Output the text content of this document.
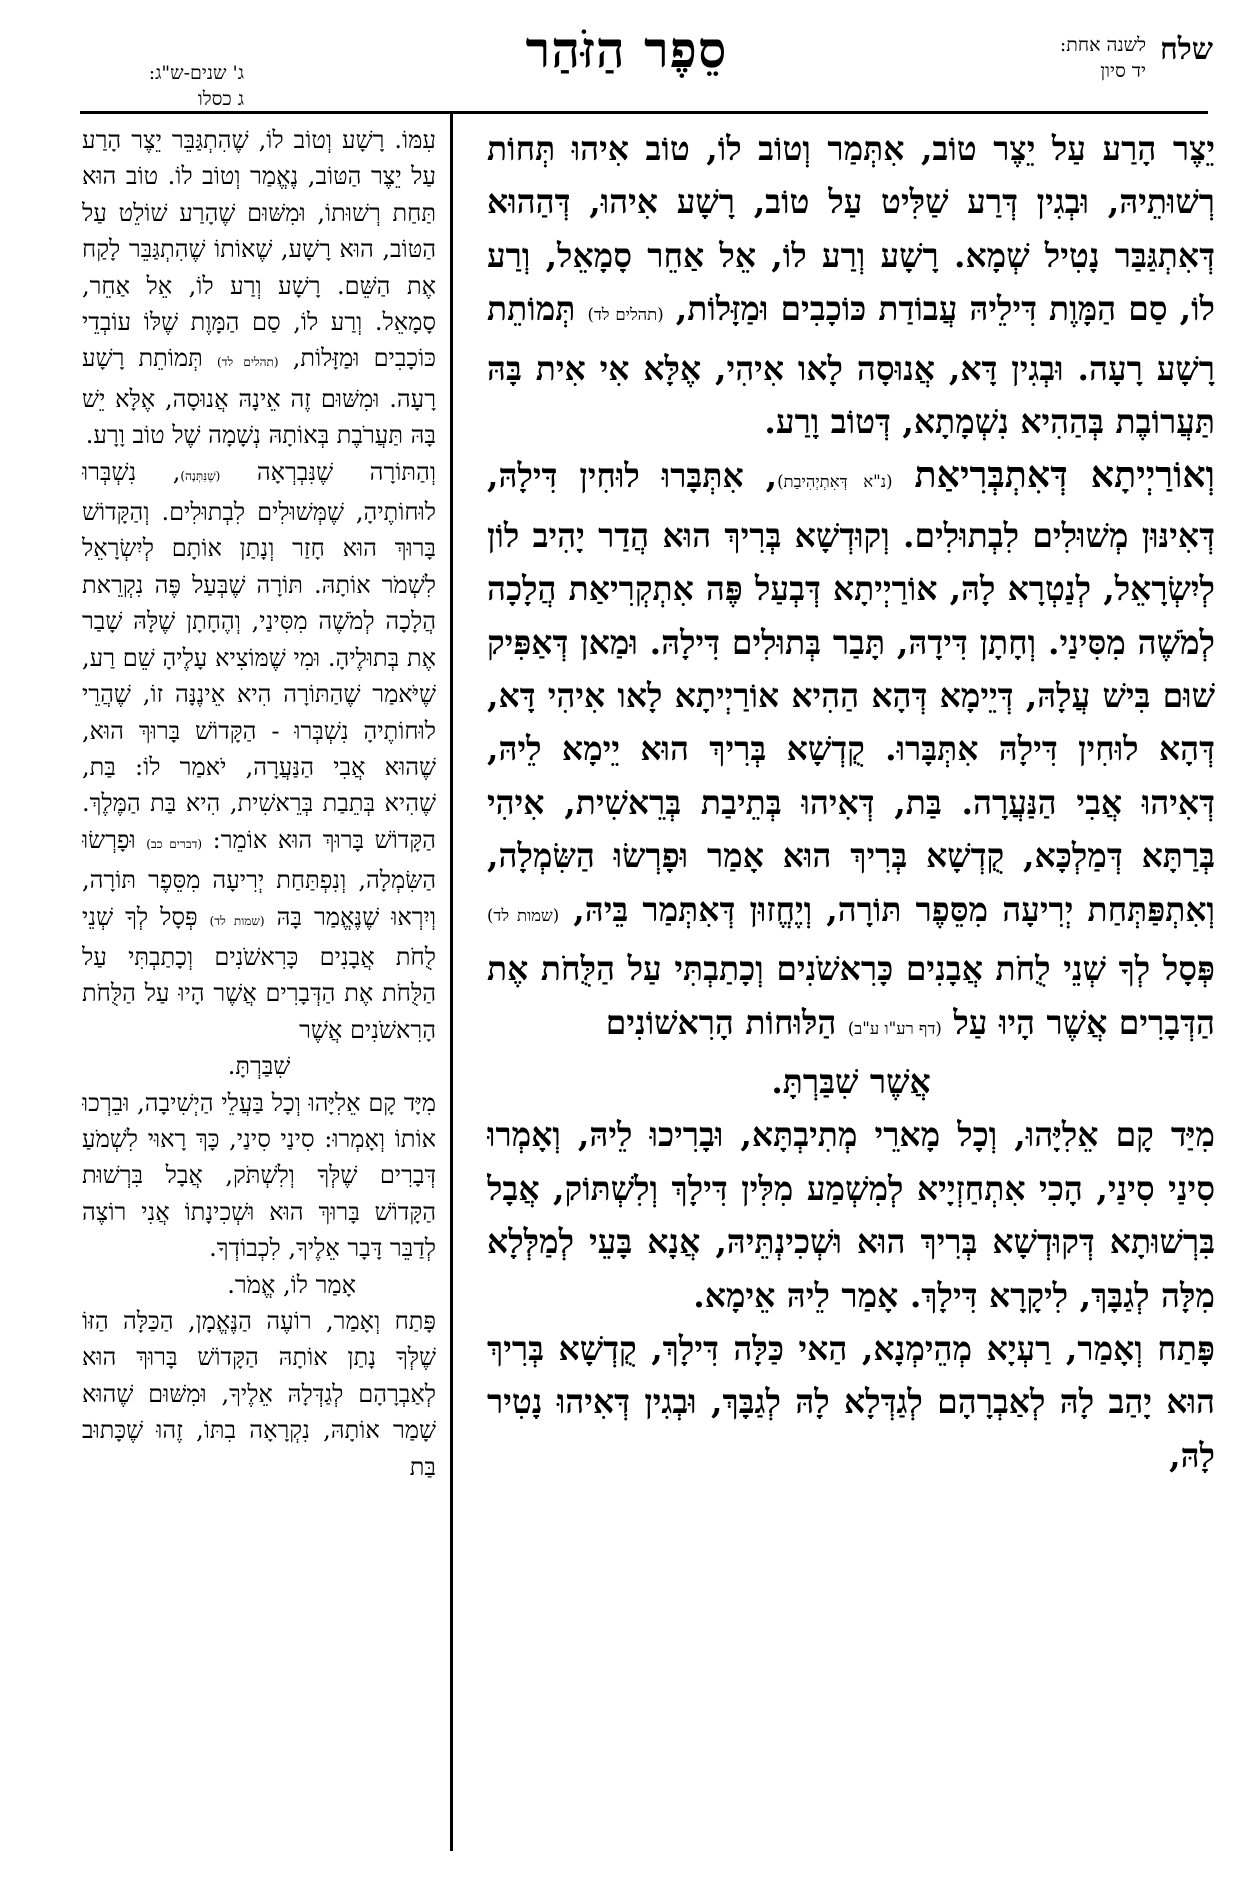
שלח
לשנה אחת:
יד סיון
סֵפֶר הַזֹּהַר
ג' שנים-ש"ג:
ג כסלו

יֵצֶר הָרַע עַל יֵצֶר טוֹב, אִתְּמַר וְטוֹב לוֹ, טוֹב אִיהוּ תְּחוֹת רְשׁוּתֵיהּ, וּבְגִין דְּרַע שַׁלִּיט עַל טוֹב, רָשָׁע אִיהוּ, דְּהַהוּא דְּאִתְגַּבַּר נָטִיל שְׁמָא. רָשָׁע וְרַע לוֹ, אֵל אַחֵר סָמָאֵל, וְרַע לוֹ, סַם הַמָּוֶת דִּילֵיהּ עֲבוֹדַת כּוֹכָבִים וּמַזָּלוֹת, (תהלים לד) תְּמוֹתֵת רָשָׁע רָעָה. וּבְגִין דָּא, אֲנוּסָה לָאו אִיהִי, אֶלָּא אִי אִית בָּהּ תַּעֲרוֹבֶת בְּהַהִיא נִשְׁמָתָא, דְּטוֹב וָרַע.

וְאוֹרַיְיתָא דְּאִתְבְּרִיאַת (נ"א דְּאִתְיְהִיבַת), אִתְּבָּרוּ לוּחִין דִּילָהּ, דְּאִינּוּן מְשׁוּלִים לִבְתוּלִים. וְקוּדְשָׁא בְּרִיךְ הוּא הֲדַר יָהִיב לוֹן לְיִשְׂרָאֵל, לְנַטְרָא לָהּ, אוֹרַיְיתָא דְּבְעַל פֶּה אִתְקְרִיאַת הֲלָכָה לְמֹשֶׁה מִסִּינַי. וְחָתָן דִּידָהּ, תָּבַר בְּתוּלִים דִּילָהּ. וּמַאן דְּאַפִּיק שׁוּם בִּישׁ עֲלָהּ, דְּיֵימָא דְּהָא הַהִיא אוֹרַיְיתָא לָאו אִיהִי דָּא, דְּהָא לוּחִין דִּילָהּ אִתְּבָּרוּ. קֻדְשָׁא בְּרִיךְ הוּא יֵימָא לֵיהּ, דְּאִיהוּ אֲבִי הַנַּעֲרָה. בַּת, דְּאִיהוּ בְּתֵיבַת בְּרֵאשִׁית, אִיהִי בְּרַתָּא דְּמַלְכָּא, קֻדְשָׁא בְּרִיךְ הוּא אָמַר וּפָרְשׂוּ הַשִּׂמְלָה, וְאִתְפַּתְּחַת יְרִיעָה מִסֵּפֶר תּוֹרָה, וְיֶחֱזוּן דְּאִתְּמַר בֵּיהּ, (שמות לד) פְּסָל לְךָ שְׁנֵי לֻחֹת אֲבָנִים כָּרִאשֹׁנִים וְכָתַבְתִּי עַל הַלֻּחֹת אֶת הַדְּבָרִים אֲשֶׁר הָיוּ עַל (דף רע"ו ע"ב) הַלּוּחוֹת הָרִאשׁוֹנִים
אֲשֶׁר שִׁבַּרְתָּ.

מִיַּד קָם אֵלִיָּהוּ, וְכָל מָארֵי מְתִיבְתָּא, וּבָרִיכוּ לֵיהּ, וְאָמְרוּ סִינַי סִינַי, הָכִי אִתְחַזְיָיא לְמִשְׁמַע מִלִּין דִּילָךְ וְלִשְׁתּוֹק, אֲבָל בִּרְשׁוּתָא דְּקוּדְשָׁא בְּרִיךְ הוּא וּשְׁכִינְתֵּיהּ, אֲנָא בָּעֵי לְמַלְּלָא מִלָּה לְגַבָּךְ, לִיקָרָא דִּילָךְ. אָמַר לֵיהּ אֵימָא.

פָּתַח וְאָמַר, רַעְיָא מְהֵימְנָא, הַאי כַּלָּה דִּילָךְ, קֻדְשָׁא בְּרִיךְ הוּא יָהַב לָהּ לְאַבְרָהָם לְגַדְּלָא לָהּ לְגַבָּךְ, וּבְגִין דְּאִיהוּ נָטִיר לָהּ,

עִמּוֹ. רָשָׁע וְטוֹב לוֹ, שֶׁהִתְגַּבֵּר יֵצֶר הָרַע עַל יֵצֶר הַטּוֹב, נֶאֱמַר וְטוֹב לוֹ. טוֹב הוּא תַּחַת רְשׁוּתוֹ, וּמִשּׁוּם שֶׁהָרַע שׁוֹלֵט עַל הַטּוֹב, הוּא רָשָׁע, שֶׁאוֹתוֹ שֶׁהִתְגַּבֵּר לָקַח אֶת הַשֵּׁם. רָשָׁע וְרַע לוֹ, אֵל אַחֵר, סָמָאֵל. וְרַע לוֹ, סַם הַמָּוֶת שֶׁלּוֹ עוֹבְדֵי כּוֹכָבִים וּמַזָּלוֹת, (תהלים לד) תְּמוֹתֵת רָשָׁע רָעָה. וּמִשּׁוּם זֶה אֵינָהּ אֲנוּסָה, אֶלָּא יֵשׁ בָּהּ תַּעֲרֹבֶת בְּאוֹתָהּ נְשָׁמָה שֶׁל טוֹב וָרָע.

וְהַתּוֹרָה שֶׁנִּבְרְאָה (שֶׁנִּתְּנָה), נִשְׁבְּרוּ לוּחוֹתֶיהָ, שֶׁמְּשׁוּלִים לִבְתוּלִים. וְהַקָּדוֹשׁ בָּרוּךְ הוּא חָזַר וְנָתַן אוֹתָם לְיִשְׂרָאֵל לִשְׁמֹר אוֹתָהּ. תּוֹרָה שֶׁבְּעַל פֶּה נִקְרֵאת הֲלָכָה לְמֹשֶׁה מִסִּינַי, וְהֶחָתָן שֶׁלָּהּ שָׁבַר אֶת בְּתוּלֶיהָ. וּמִי שֶׁמּוֹצִיא עָלֶיהָ שֵׁם רַע, שֶׁיֹּאמַר שֶׁהַתּוֹרָה הִיא אֵינֶנָּה זוֹ, שֶׁהֲרֵי לוּחוֹתֶיהָ נִשְׁבְּרוּ - הַקָּדוֹשׁ בָּרוּךְ הוּא, שֶׁהוּא אֲבִי הַנַּעֲרָה, יֹאמַר לוֹ: בַּת, שֶׁהִיא בְּתֵבַת בְּרֵאשִׁית, הִיא בַּת הַמֶּלֶךְ. הַקָּדוֹשׁ בָּרוּךְ הוּא אוֹמֵר: (דברים כב) וּפָרְשׂוּ הַשִּׂמְלָה, וְנִפְתַּחַת יְרִיעָה מִסֵּפֶר תּוֹרָה, וְיִרְאוּ שֶׁנֶּאֱמַר בָּהּ (שמות לד) פְּסָל לְךָ שְׁנֵי לֻחֹת אֲבָנִים כָּרִאשֹׁנִים וְכָתַבְתִּי עַל הַלֻּחֹת אֶת הַדְּבָרִים אֲשֶׁר הָיוּ עַל הַלֻּחֹת הָרִאשֹׁנִים אֲשֶׁר
שִׁבַּרְתָּ.

מִיָּד קָם אֵלִיָּהוּ וְכָל בַּעֲלֵי הַיְשִׁיבָה, וּבֵרְכוּ אוֹתוֹ וְאָמְרוּ: סִינַי סִינַי, כָּךְ רָאוּי לִשְׁמֹעַ דְּבָרִים שֶׁלְּךָ וְלִשְׁתֹּק, אֲבָל בִּרְשׁוּת הַקָּדוֹשׁ בָּרוּךְ הוּא וּשְׁכִינָתוֹ אֲנִי רוֹצֶה לְדַבֵּר דָּבָר אֵלֶיךָ, לִכְבוֹדְךָ.
אָמַר לוֹ, אֱמֹר.

פָּתַח וְאָמַר, רוֹעֶה הַנֶּאֱמָן, הַכַּלָּה הַזּוֹ שֶׁלְּךָ נָתַן אוֹתָהּ הַקָּדוֹשׁ בָּרוּךְ הוּא לְאַבְרָהָם לְגַדְּלָהּ אֵלֶיךָ, וּמִשּׁוּם שֶׁהוּא שָׁמַר אוֹתָהּ, נִקְרָאָה בִתּוֹ, זֶהוּ שֶׁכָּתוּב בַּת
